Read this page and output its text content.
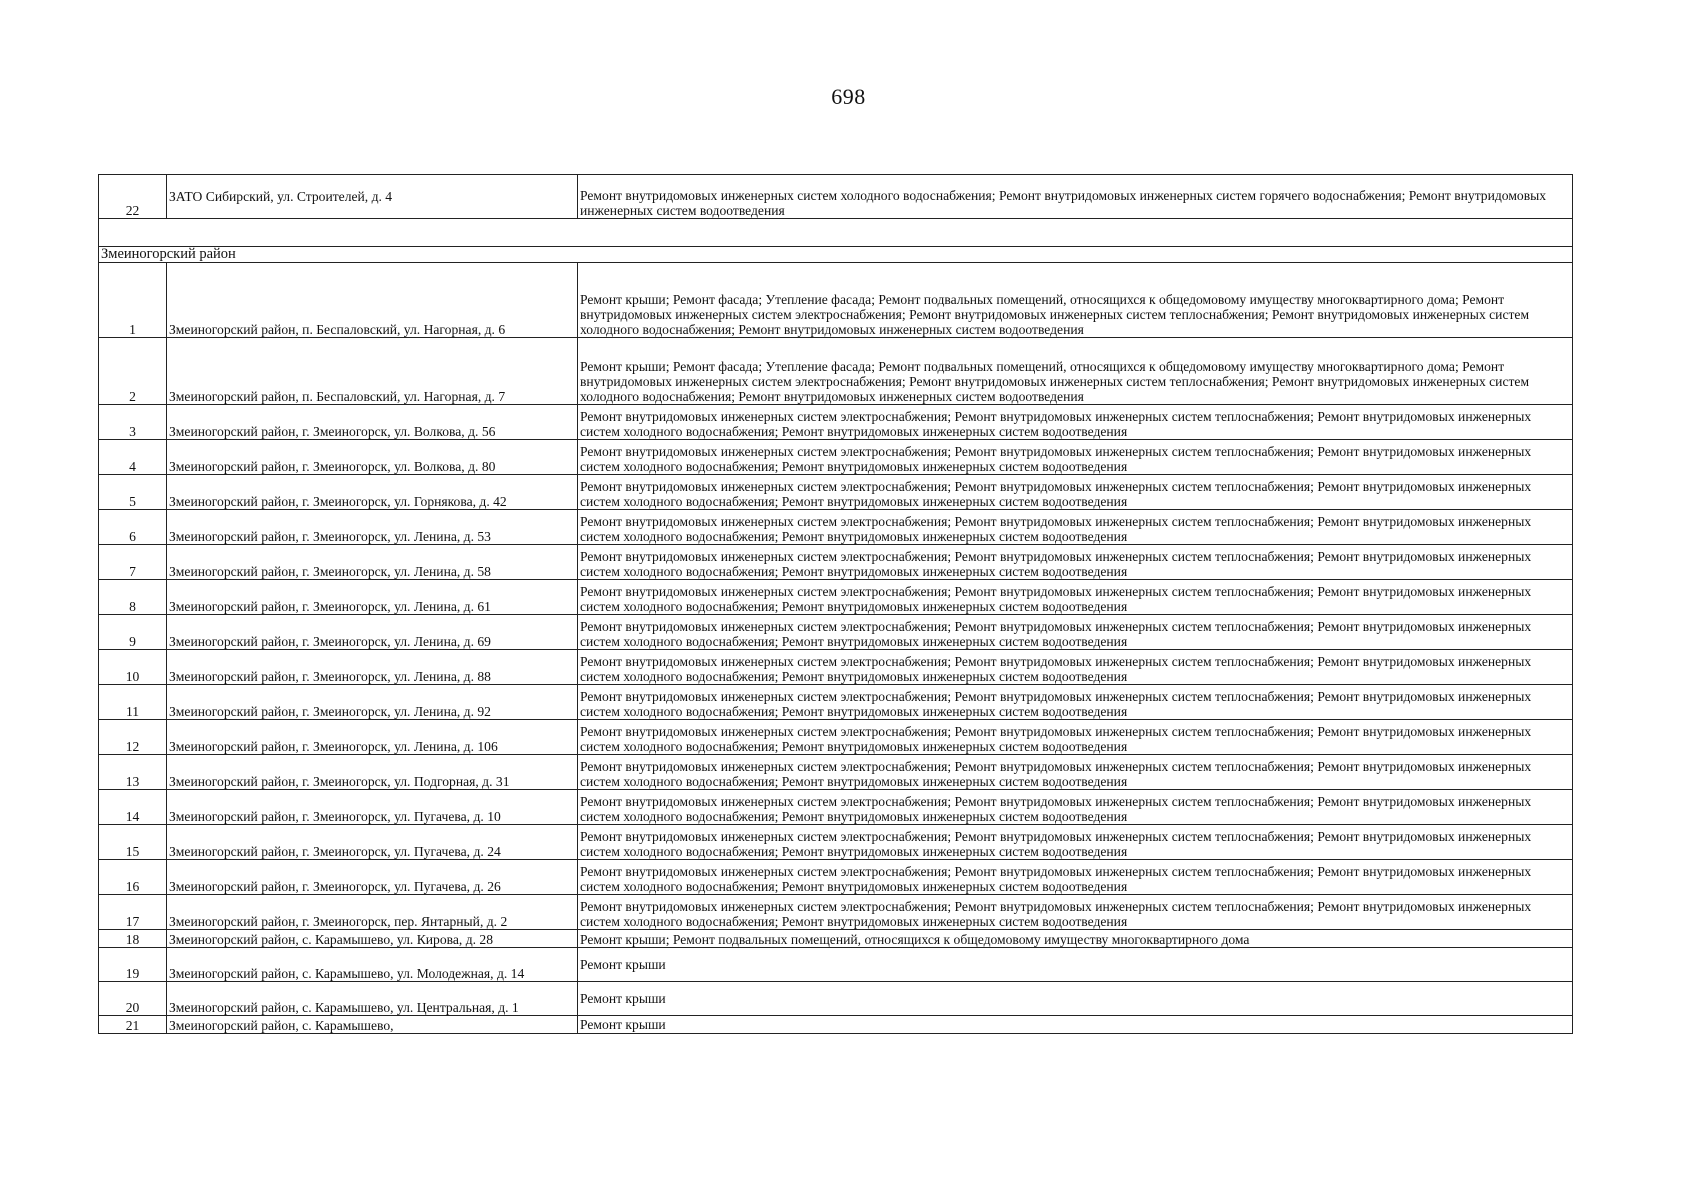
698
22	ЗАТО Сибирский, ул. Строителей, д. 4	Ремонт внутридомовых инженерных систем холодного водоснабжения; Ремонт внутридомовых инженерных систем горячего водоснабжения; Ремонт внутридомовых инженерных систем водоотведения

Змеиногорский район		
1	Змеиногорский район, п. Беспаловский, ул. Нагорная, д. 6	Ремонт крыши; Ремонт фасада; Утепление фасада; Ремонт подвальных помещений, относящихся к общедомовому имуществу многоквартирного дома; Ремонт внутридомовых инженерных систем электроснабжения; Ремонт внутридомовых инженерных систем теплоснабжения; Ремонт внутридомовых инженерных систем холодного водоснабжения; Ремонт внутридомовых инженерных систем водоотведения
2	Змеиногорский район, п. Беспаловский, ул. Нагорная, д. 7	Ремонт крыши; Ремонт фасада; Утепление фасада; Ремонт подвальных помещений, относящихся к общедомовому имуществу многоквартирного дома; Ремонт внутридомовых инженерных систем электроснабжения; Ремонт внутридомовых инженерных систем теплоснабжения; Ремонт внутридомовых инженерных систем холодного водоснабжения; Ремонт внутридомовых инженерных систем водоотведения
3	Змеиногорский район, г. Змеиногорск, ул. Волкова, д. 56	Ремонт внутридомовых инженерных систем электроснабжения; Ремонт внутридомовых инженерных систем теплоснабжения; Ремонт внутридомовых инженерных систем холодного водоснабжения; Ремонт внутридомовых инженерных систем водоотведения
4	Змеиногорский район, г. Змеиногорск, ул. Волкова, д. 80	Ремонт внутридомовых инженерных систем электроснабжения; Ремонт внутридомовых инженерных систем теплоснабжения; Ремонт внутридомовых инженерных систем холодного водоснабжения; Ремонт внутридомовых инженерных систем водоотведения
5	Змеиногорский район, г. Змеиногорск, ул. Горнякова, д. 42	Ремонт внутридомовых инженерных систем электроснабжения; Ремонт внутридомовых инженерных систем теплоснабжения; Ремонт внутридомовых инженерных систем холодного водоснабжения; Ремонт внутридомовых инженерных систем водоотведения
6	Змеиногорский район, г. Змеиногорск, ул. Ленина, д. 53	Ремонт внутридомовых инженерных систем электроснабжения; Ремонт внутридомовых инженерных систем теплоснабжения; Ремонт внутридомовых инженерных систем холодного водоснабжения; Ремонт внутридомовых инженерных систем водоотведения
7	Змеиногорский район, г. Змеиногорск, ул. Ленина, д. 58	Ремонт внутридомовых инженерных систем электроснабжения; Ремонт внутридомовых инженерных систем теплоснабжения; Ремонт внутридомовых инженерных систем холодного водоснабжения; Ремонт внутридомовых инженерных систем водоотведения
8	Змеиногорский район, г. Змеиногорск, ул. Ленина, д. 61	Ремонт внутридомовых инженерных систем электроснабжения; Ремонт внутридомовых инженерных систем теплоснабжения; Ремонт внутридомовых инженерных систем холодного водоснабжения; Ремонт внутридомовых инженерных систем водоотведения
9	Змеиногорский район, г. Змеиногорск, ул. Ленина, д. 69	Ремонт внутридомовых инженерных систем электроснабжения; Ремонт внутридомовых инженерных систем теплоснабжения; Ремонт внутридомовых инженерных систем холодного водоснабжения; Ремонт внутридомовых инженерных систем водоотведения
10	Змеиногорский район, г. Змеиногорск, ул. Ленина, д. 88	Ремонт внутридомовых инженерных систем электроснабжения; Ремонт внутридомовых инженерных систем теплоснабжения; Ремонт внутридомовых инженерных систем холодного водоснабжения; Ремонт внутридомовых инженерных систем водоотведения
11	Змеиногорский район, г. Змеиногорск, ул. Ленина, д. 92	Ремонт внутридомовых инженерных систем электроснабжения; Ремонт внутридомовых инженерных систем теплоснабжения; Ремонт внутридомовых инженерных систем холодного водоснабжения; Ремонт внутридомовых инженерных систем водоотведения
12	Змеиногорский район, г. Змеиногорск, ул. Ленина, д. 106	Ремонт внутридомовых инженерных систем электроснабжения; Ремонт внутридомовых инженерных систем теплоснабжения; Ремонт внутридомовых инженерных систем холодного водоснабжения; Ремонт внутридомовых инженерных систем водоотведения
13	Змеиногорский район, г. Змеиногорск, ул. Подгорная, д. 31	Ремонт внутридомовых инженерных систем электроснабжения; Ремонт внутридомовых инженерных систем теплоснабжения; Ремонт внутридомовых инженерных систем холодного водоснабжения; Ремонт внутридомовых инженерных систем водоотведения
14	Змеиногорский район, г. Змеиногорск, ул. Пугачева, д. 10	Ремонт внутридомовых инженерных систем электроснабжения; Ремонт внутридомовых инженерных систем теплоснабжения; Ремонт внутридомовых инженерных систем холодного водоснабжения; Ремонт внутридомовых инженерных систем водоотведения
15	Змеиногорский район, г. Змеиногорск, ул. Пугачева, д. 24	Ремонт внутридомовых инженерных систем электроснабжения; Ремонт внутридомовых инженерных систем теплоснабжения; Ремонт внутридомовых инженерных систем холодного водоснабжения; Ремонт внутридомовых инженерных систем водоотведения
16	Змеиногорский район, г. Змеиногорск, ул. Пугачева, д. 26	Ремонт внутридомовых инженерных систем электроснабжения; Ремонт внутридомовых инженерных систем теплоснабжения; Ремонт внутридомовых инженерных систем холодного водоснабжения; Ремонт внутридомовых инженерных систем водоотведения
17	Змеиногорский район, г. Змеиногорск, пер. Янтарный, д. 2	Ремонт внутридомовых инженерных систем электроснабжения; Ремонт внутридомовых инженерных систем теплоснабжения; Ремонт внутридомовых инженерных систем холодного водоснабжения; Ремонт внутридомовых инженерных систем водоотведения
18	Змеиногорский район, с. Карамышево, ул. Кирова, д. 28	Ремонт крыши; Ремонт подвальных помещений, относящихся к общедомовому имуществу многоквартирного дома
19	Змеиногорский район, с. Карамышево, ул. Молодежная, д. 14	Ремонт крыши
20	Змеиногорский район, с. Карамышево, ул. Центральная, д. 1	Ремонт крыши
21	Змеиногорский район, с. Карамышево,	Ремонт крыши
